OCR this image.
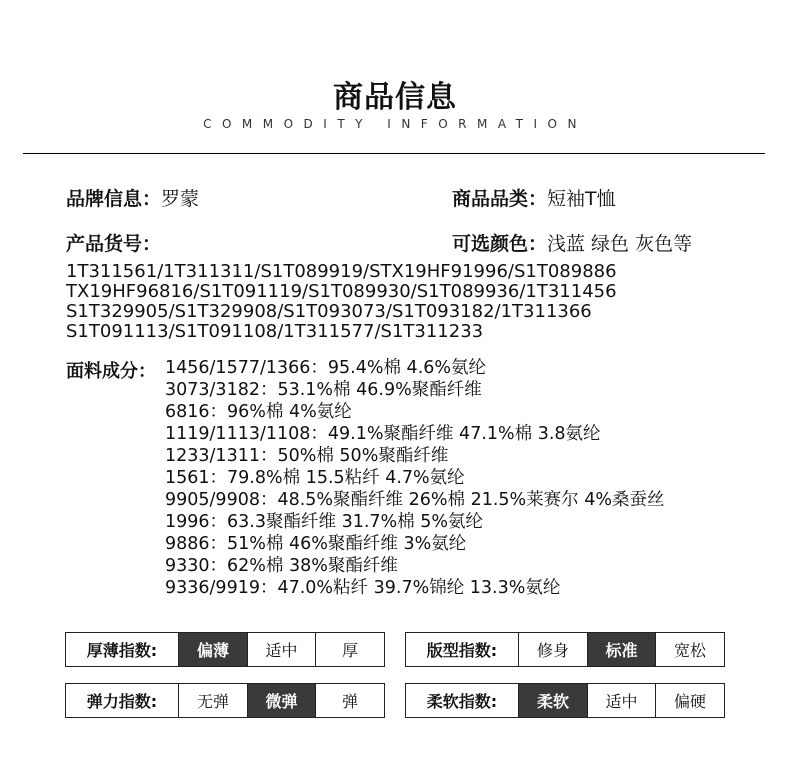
商品信息
COMMODITY INFORMATION
品牌信息：罗蒙	商品品类：短袖T恤
产品货号：	可选颜色：浅蓝 绿色 灰色等
1T311561/1T311311/S1T089919/STX19HF91996/S1T089886
TX19HF96816/S1T091119/S1T089930/S1T089936/1T311456
S1T329905/S1T329908/S1T093073/S1T093182/1T311366
S1T091113/S1T091108/1T311577/S1T311233
面料成分： 1456/1577/1366：95.4%棉 4.6%氨纶
3073/3182：53.1%棉 46.9%聚酯纤维
6816：96%棉 4%氨纶
1119/1113/1108：49.1%聚酯纤维 47.1%棉 3.8氨纶
1233/1311：50%棉 50%聚酯纤维
1561：79.8%棉 15.5粘纤 4.7%氨纶
9905/9908：48.5%聚酯纤维 26%棉 21.5%莱赛尔 4%桑蚕丝
1996：63.3聚酯纤维 31.7%棉 5%氨纶
9886：51%棉 46%聚酯纤维 3%氨纶
9330：62%棉 38%聚酯纤维
9336/9919：47.0%粘纤 39.7%锦纶 13.3%氨纶
厚薄指数:	偏薄	适中	厚	版型指数:	修身	标准	宽松
弹力指数:	无弹	微弹	弹	柔软指数:	柔软	适中	偏硬
